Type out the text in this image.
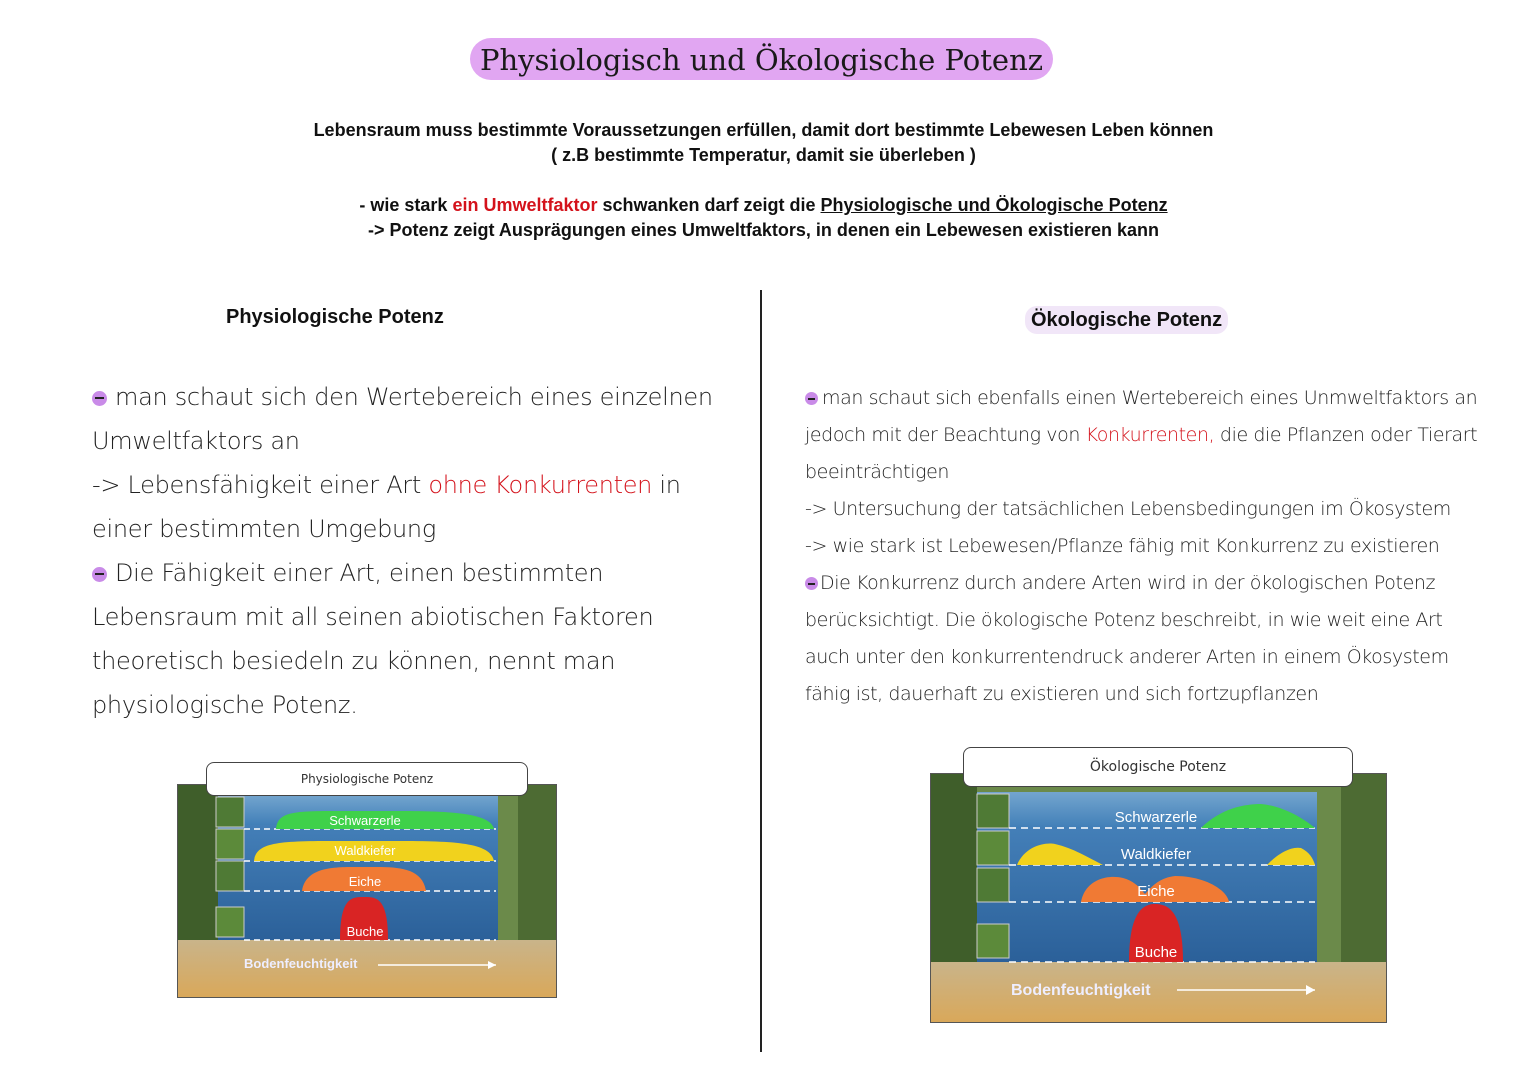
Physiologisch und Ökologische Potenz
Lebensraum muss bestimmte Voraussetzungen erfüllen, damit dort bestimmte Lebewesen Leben können
( z.B bestimmte Temperatur, damit sie überleben )
- wie stark ein Umweltfaktor schwanken darf zeigt die Physiologische und Ökologische Potenz
-> Potenz zeigt Ausprägungen eines Umweltfaktors, in denen ein Lebewesen existieren kann
Physiologische Potenz	Ökologische Potenz
man schaut sich den Wertebereich eines einzelnen
Umweltfaktors an
-> Lebensfähigkeit einer Art ohne Konkurrenten in
einer bestimmten Umgebung
Die Fähigkeit einer Art, einen bestimmten
Lebensraum mit all seinen abiotischen Faktoren
theoretisch besiedeln zu können, nennt man
physiologische Potenz.
man schaut sich ebenfalls einen Wertebereich eines Unmweltfaktors an
jedoch mit der Beachtung von Konkurrenten, die die Pflanzen oder Tierart
beeinträchtigen
-> Untersuchung der tatsächlichen Lebensbedingungen im Ökosystem
-> wie stark ist Lebewesen/Pflanze fähig mit Konkurrenz zu existieren
Die Konkurrenz durch andere Arten wird in der ökologischen Potenz
berücksichtigt. Die ökologische Potenz beschreibt, in wie weit eine Art
auch unter den konkurrentendruck anderer Arten in einem Ökosystem
fähig ist, dauerhaft zu existieren und sich fortzupflanzen
Schwarzerle
Waldkiefer
Eiche
Buche
Bodenfeuchtigkeit
Physiologische Potenz
Schwarzerle
Waldkiefer
Eiche
Buche
Bodenfeuchtigkeit
Ökologische Potenz
